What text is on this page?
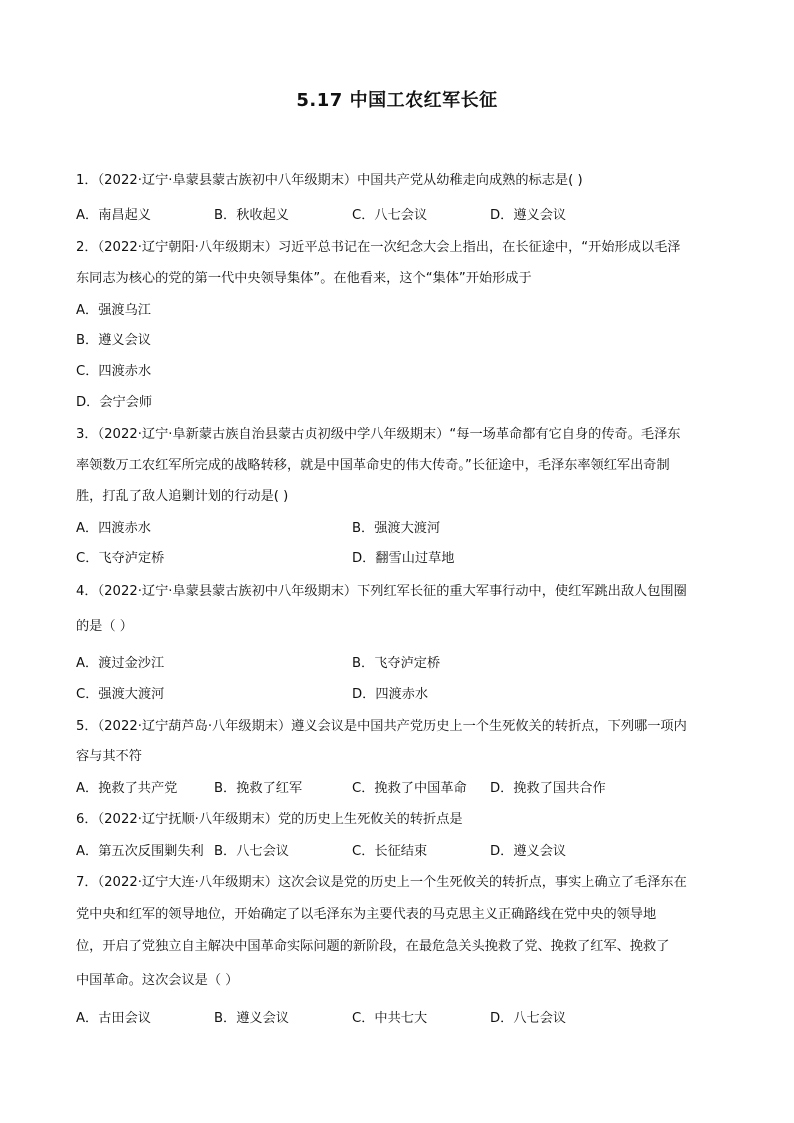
5.17 中国工农红军长征
1．（2022·辽宁·阜蒙县蒙古族初中八年级期末）中国共产党从幼稚走向成熟的标志是( )
A．南昌起义	B．秋收起义	C．八七会议	D．遵义会议
2．（2022·辽宁朝阳·八年级期末）习近平总书记在一次纪念大会上指出，在长征途中，“开始形成以毛泽
东同志为核心的党的第一代中央领导集体”。在他看来，这个“集体”开始形成于
A．强渡乌江
B．遵义会议
C．四渡赤水
D．会宁会师
3．（2022·辽宁·阜新蒙古族自治县蒙古贞初级中学八年级期末）“每一场革命都有它自身的传奇。毛泽东
率领数万工农红军所完成的战略转移，就是中国革命史的伟大传奇。”长征途中，毛泽东率领红军出奇制
胜，打乱了敌人追剿计划的行动是( )
A．四渡赤水	B．强渡大渡河
C．飞夺泸定桥	D．翻雪山过草地
4．（2022·辽宁·阜蒙县蒙古族初中八年级期末）下列红军长征的重大军事行动中，使红军跳出敌人包围圈
的是（ ）
A．渡过金沙江	B．飞夺泸定桥
C．强渡大渡河	D．四渡赤水
5．（2022·辽宁葫芦岛·八年级期末）遵义会议是中国共产党历史上一个生死攸关的转折点，下列哪一项内
容与其不符
A．挽救了共产党	B．挽救了红军	C．挽救了中国革命 D．挽救了国共合作
6．（2022·辽宁抚顺·八年级期末）党的历史上生死攸关的转折点是
A．第五次反围剿失利 B．八七会议	C．长征结束	D．遵义会议
7．（2022·辽宁大连·八年级期末）这次会议是党的历史上一个生死攸关的转折点，事实上确立了毛泽东在
党中央和红军的领导地位，开始确定了以毛泽东为主要代表的马克思主义正确路线在党中央的领导地
位，开启了党独立自主解决中国革命实际问题的新阶段，在最危急关头挽救了党、挽救了红军、挽救了
中国革命。这次会议是（ ）
A．古田会议	B．遵义会议	C．中共七大	D．八七会议
